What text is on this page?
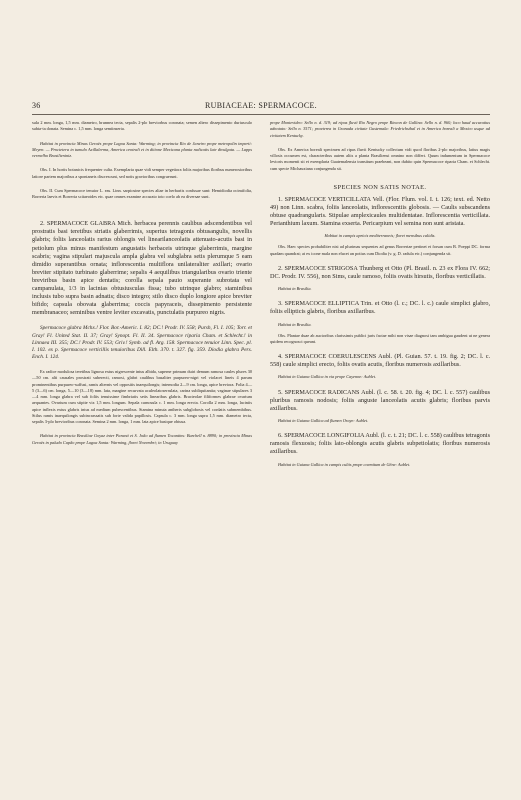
36	RUBIACEAE: SPERMACOCE.

sula 2 mm. longa, 1,5 mm. diametro, brunnea tecta, sepalis 2-plo breviorbus coronata; semen altero dissepimento duriusculo subta-ta donata. Semina c. 1,5 mm. longa semiinserta.

Habitat in provincia Minas Geraës prope Lagoa Santa: Warming; in provincia Rio de Janeiro prope metropolin imperii: Meyen. — Proctetera in tumulo Axillalerma, America centrali et in ditione Mexicana planta radicatis late divulgata. — Lapps vermelho Brasilieniniz.

Obs. I. In hortis botanicis frequenter culta. Exemplaria quae vidi semper vegetiora foliis majoribus floribus numerosioribus latiore partem majoribus a spontaneis discrescunt, sed notis gravioribus congruerunt.

Obs. II. Cum Spermacoce tenuior L. eas. Linn. sarpiosine species aliae in herbariis confusae sunt: Hemidiodia ocimifolia, Borreria laevis et Borreria scitaeoides etc. quae omnes examine accurato toto coelo ab ea diversae sunt.

2. SPERMACOCE GLABRA Mich. herbacea perennis caulibus adscendentibus vel prostratis basi teretibus striatis glaberrimis, superius tetragonis obtusangulis, novellis glabris; foliis lanceolatis rarius oblongis vel linearilanceolatis attenuato-acutis basi in petiolum plus minus manifestum angustatis herbaceis utrinque glaberrimis, margine scabris; vagina stipulari majuscula ampla glabra vel subglabra setis plerumque 5 eam dimidio superantibus ornata; inflorescentia multiflora unilateraliter axillari; ovario breviter stipitato turbinato glaberrime; sepalis 4 aequilibus triangularibus ovario triente breviribus basin apice dentatis; corolla sepala pauio superante subrotata vel campanulata, 1/3 in lacinias obtusiusculas fissa; tubo utrinque glabro; staminibus inclusis tubo supra basin adnatis; disco integro; stilo disco duplo longiore apice breviter bifido; capsula obovata glaberrima; coccis papyraceis, dissepimento persistente membranaceo; seminibus ventre leviter excavatis, punctulatis purpureo nigris.

Spermacoce glabra Mchx.! Flor. Bor.-Americ. I. 82; DC.! Prodr. IV. 558; Pursh, Fl. I. 105; Torr. et Gray! Fl. United Stat. II. 37; Gray! Synopt. Fl. II. 34. Spermacoce riparia Cham. et Schlecht.! in Linnaea III. 355; DC.! Prodr. IV. 553; Griv.! Symb. ad fl. Arg. 158. Spermacoce tenuior Linn. Spec. pl. I. 102. ex p. Spermacoce verticillis tenuioribus Dill. Elth. 370. t. 327. fig. 359. Diodia glabra Pers. Ench. I. 124.

Ex radice modulosa teretibus lignosa extus nigrescente intus albida, superne primum duiri demum ramosa caules plures 30—50 cm. alti causales prostrati suberecti, ramosi, glabri caulibus basaliter purpureo-nigri vel violacei lineis 4 parum prominentibus purpureo-suffusi, ramis alternis vel oppositis inaequilongis; internodia 2—9 cm. longa, apice breviora. Folia 4—5 (3—6) cm. longa, 5—10 (3—18) mm. lata, margine recurvata aculeolatoserrulata, carina subliquitantia; vaginae stipulares 3—4 mm. longa glabra vel sub foliis tenuissime fimbriatis setis linearibus glabris. Bracteolae filiformes glabrae ovarium aequantes. Ovarium cum stipite vix 1,5 mm. longum. Sepala carnosula c. 1 mm. longa erecta. Corolla 2 mm. longa, laciniis apice inflexis extus glabris intus ad medium pubescentibus. Stamina minuta antheris subglobosis vel cordatis submembibus. Stilus ramis inaequilongis subincrassatis sub forte valida papillosis. Capsula c. 3 mm. longa supra 1,5 mm. diametro tecta, sepalis 3-plo brevioribus coronata. Semina 2 mm. longa, 1 mm. lata apice basique obtusa.

Habitat in provincia Brasiliae Goyaz inter Paraná et S. João ad flumen Tocantins: Burchell n. 8890; in provincia Minas Geraës in paludo Capão prope Lagoa Santa: Warming, floret Novembri; in Uruguay

prope Montevideo: Sello n. d. 319; ad ripas fluvii Rio Negro prope Rincon de Gallina: Sello n. d. 960; loco haud accuratius adnotato: Sello n. 3571; praeterea in Granada civitate Gustemala: Friedrichsthal et in America boreali a Mexico usque ad civitatem Kentucky.

Obs. Ex America boreali specimen ad ripas fluvii Kentucky collectum vidi quod floribus 2-plo majoribus, latius magis villosis occumen est, characteribus autem aliis a planta Brasiliensi omnino non differt. Quum indumentum in Spermacoce levioris momenti sit et exemplaria Guatemalensia transitum praebeant, non dubito quin Spermacoce riparia Cham. et Schlecht. cum specie Michauxiana conjungenda sit.

SPECIES NON SATIS NOTAE.

1. SPERMACOCE VERTICILLATA Vell. (Flor. Flum. vol. I. t. 126; text. ed. Netto 49) non Linn. scabra, foliis lanceolatis, inflorescentiis globosis. — Caulis subscandens obtuse quadrangularis. Stipulae amplexicaules multidentatae. Inflorescentia verticillata. Perianthium laxum. Stamina exserta. Pericarpium vel semina non sunt aristata.

Habitat in campis apricis mediterraneis; floret mensibus calidis.

Obs. Haec species probabiliter nisi ad plurimas sequentes ad genus Borreriae pertinet et forsan cum B. Poeppi DC. forma quadam quandrat; at ex icone mala non elucet an potius cum Diodia (v. g. D. radula etc.) conjungenda sit.

2. SPERMACOCE STRIGOSA Thunberg et Otto (Pl. Brasil. n. 23 ex Flora IV. 662; DC. Prodr. IV. 556), non Sims, caule ramoso, foliis ovatis hirsutis, floribus verticillatis.

Habitat in Brasilia.

3. SPERMACOCE ELLIPTICA Trin. et Otto (l. c.; DC. l. c.) caule simplici glabro, foliis ellipticis glabris, floribus axillaribus.

Habitat in Brasilia.

Obs. Plantae duae ab auctoribus clarissimis publici juris factae mihi non visae diagnosi tam ambigua gaudent ut ne genera quidem recognosci queant.

4. SPERMACOCE COERULESCENS Aubl. (Pl. Guian. 57. t. 19. fig. 2; DC. l. c. 558) caule simplici erecto, foliis ovatis acutis, floribus numerosis axillaribus.

Habitat in Guiana Gallica in via prope Cayenne: Aublet.

5. SPERMACOCE RADICANS Aubl. (l. c. 58. t. 20. fig. 4; DC. l. c. 557) caulibus pluribus ramosis nodosis; foliis anguste lanceolatis acutis glabris; floribus parvis axillaribus.

Habitat in Guiana Gallica ad flumen Oraye: Aublet.

6. SPERMACOCE LONGIFOLIA Aubl. (l. c. t. 21; DC. l. c. 558) caulibus tetragonis ramosis flexuosis; foliis lato-oblongis acutis glabris subpetiolatis; floribus numerosis axillaribus.

Habitat in Guiana Gallica in campis cultis prope coemitum de Gêne: Aublet.
